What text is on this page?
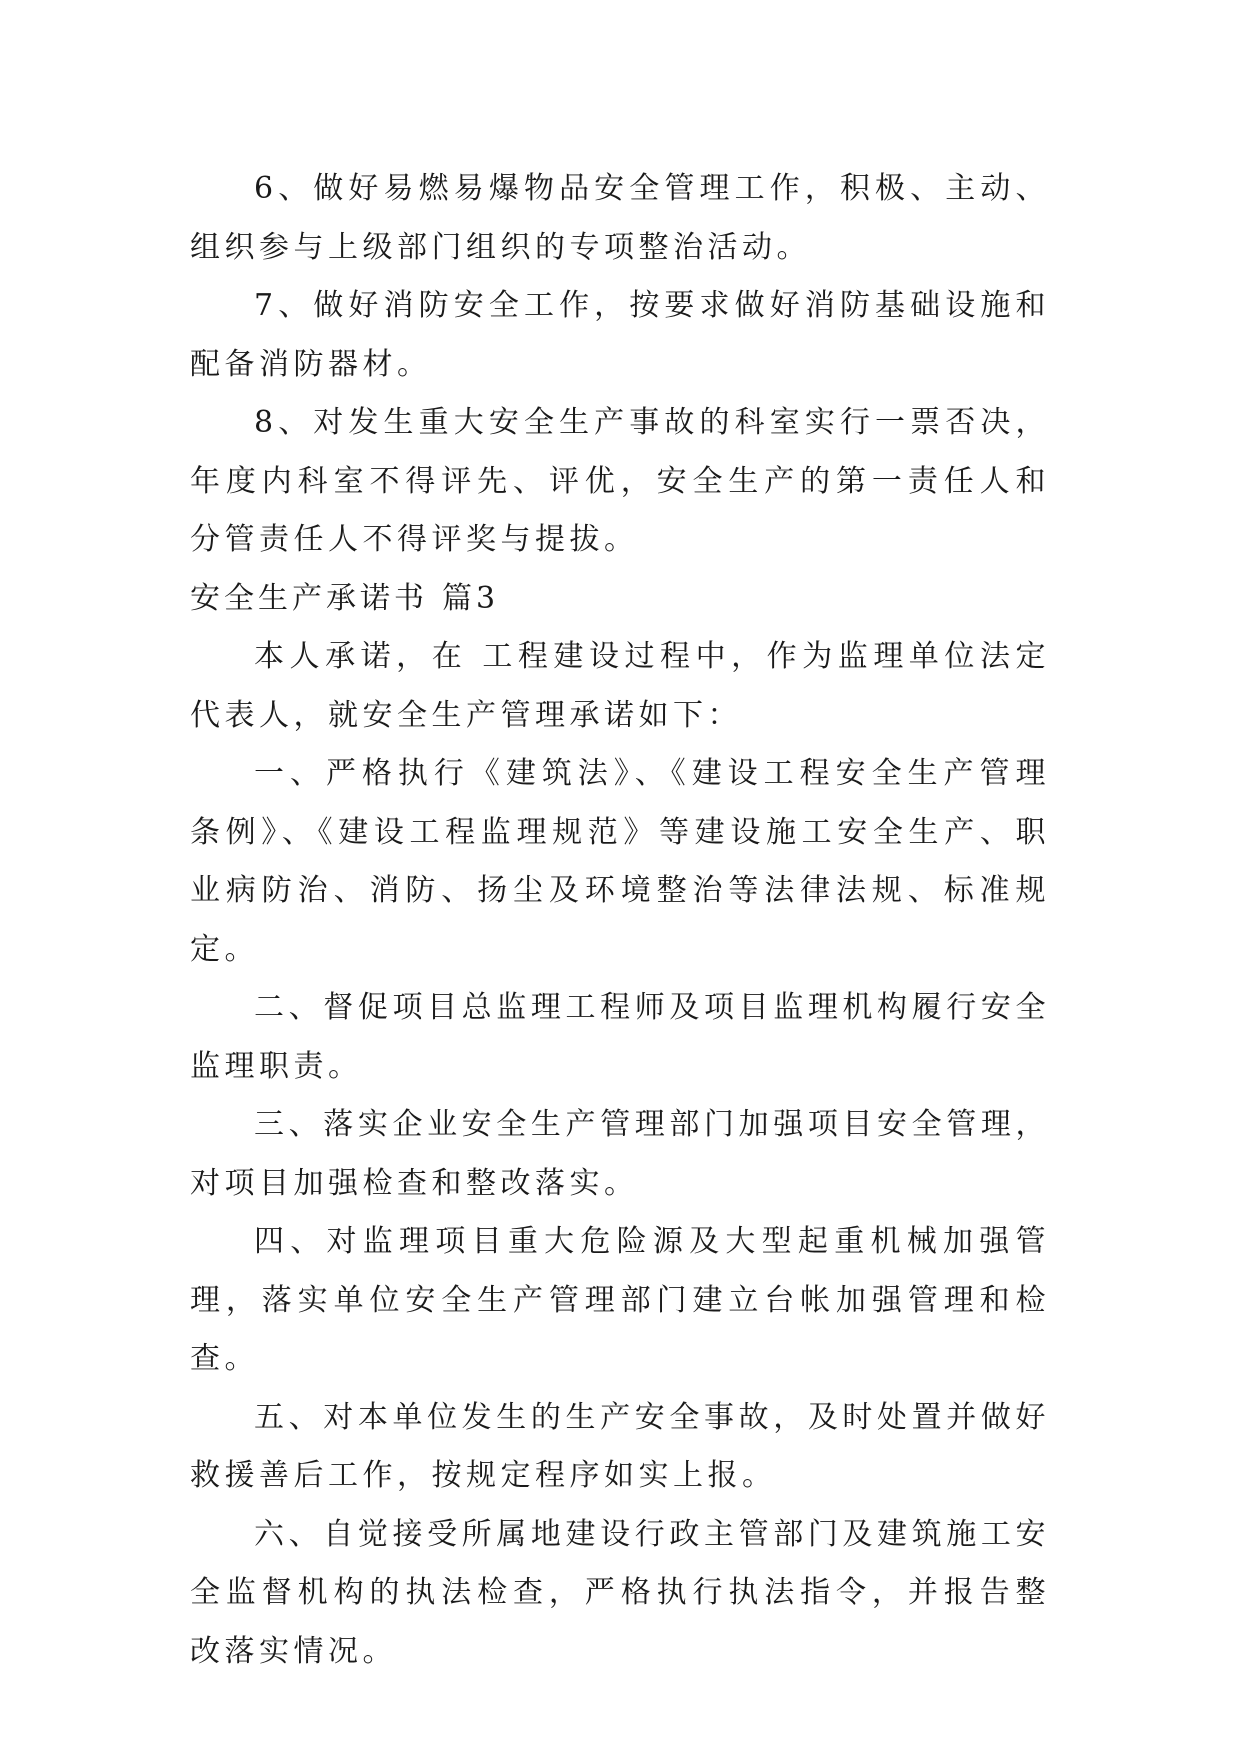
6、做好易燃易爆物品安全管理工作，积极、主动、组织参与上级部门组织的专项整治活动。

7、做好消防安全工作，按要求做好消防基础设施和配备消防器材。

8、对发生重大安全生产事故的科室实行一票否决，年度内科室不得评先、评优，安全生产的第一责任人和分管责任人不得评奖与提拔。

安全生产承诺书 篇3

本人承诺，在 工程建设过程中，作为监理单位法定代表人，就安全生产管理承诺如下：

一、严格执行《建筑法》、《建设工程安全生产管理条例》、《建设工程监理规范》等建设施工安全生产、职业病防治、消防、扬尘及环境整治等法律法规、标准规定。

二、督促项目总监理工程师及项目监理机构履行安全监理职责。

三、落实企业安全生产管理部门加强项目安全管理，对项目加强检查和整改落实。

四、对监理项目重大危险源及大型起重机械加强管理，落实单位安全生产管理部门建立台帐加强管理和检查。

五、对本单位发生的生产安全事故，及时处置并做好救援善后工作，按规定程序如实上报。

六、自觉接受所属地建设行政主管部门及建筑施工安全监督机构的执法检查，严格执行执法指令，并报告整改落实情况。
